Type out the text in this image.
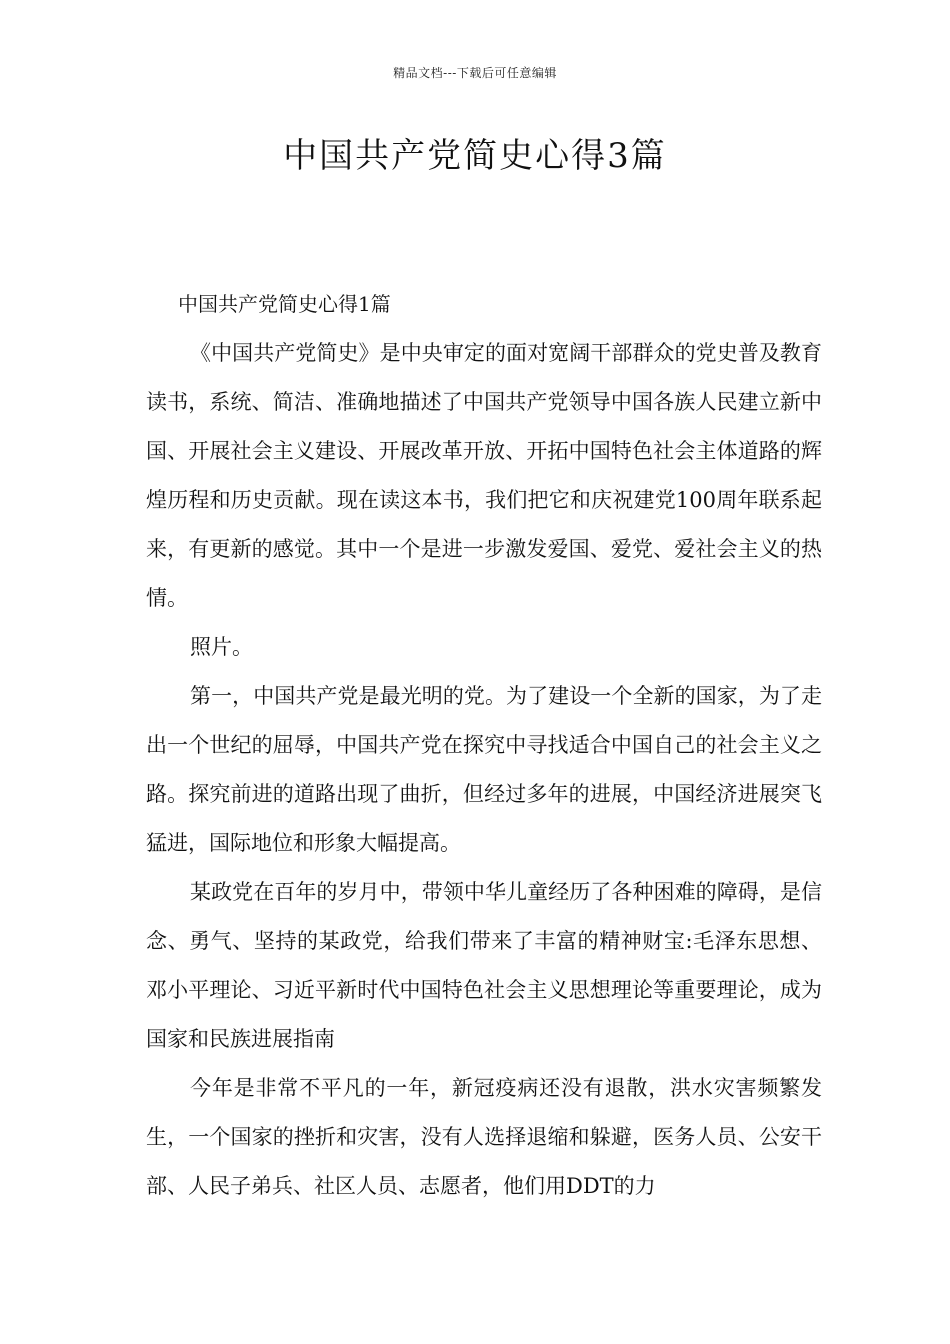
精品文档---下载后可任意编辑
中国共产党简史心得3篇

中国共产党简史心得1篇

《中国共产党简史》是中央审定的面对宽阔干部群众的党史普及教育读书，系统、简洁、准确地描述了中国共产党领导中国各族人民建立新中国、开展社会主义建设、开展改革开放、开拓中国特色社会主体道路的辉煌历程和历史贡献。现在读这本书，我们把它和庆祝建党100周年联系起来，有更新的感觉。其中一个是进一步激发爱国、爱党、爱社会主义的热情。

照片。

第一，中国共产党是最光明的党。为了建设一个全新的国家，为了走出一个世纪的屈辱，中国共产党在探究中寻找适合中国自己的社会主义之路。探究前进的道路出现了曲折，但经过多年的进展，中国经济进展突飞猛进，国际地位和形象大幅提高。

某政党在百年的岁月中，带领中华儿童经历了各种困难的障碍，是信念、勇气、坚持的某政党，给我们带来了丰富的精神财宝:毛泽东思想、邓小平理论、习近平新时代中国特色社会主义思想理论等重要理论，成为国家和民族进展指南

今年是非常不平凡的一年，新冠疫病还没有退散，洪水灾害频繁发生，一个国家的挫折和灾害，没有人选择退缩和躲避，医务人员、公安干部、人民子弟兵、社区人员、志愿者，他们用DDT的力
